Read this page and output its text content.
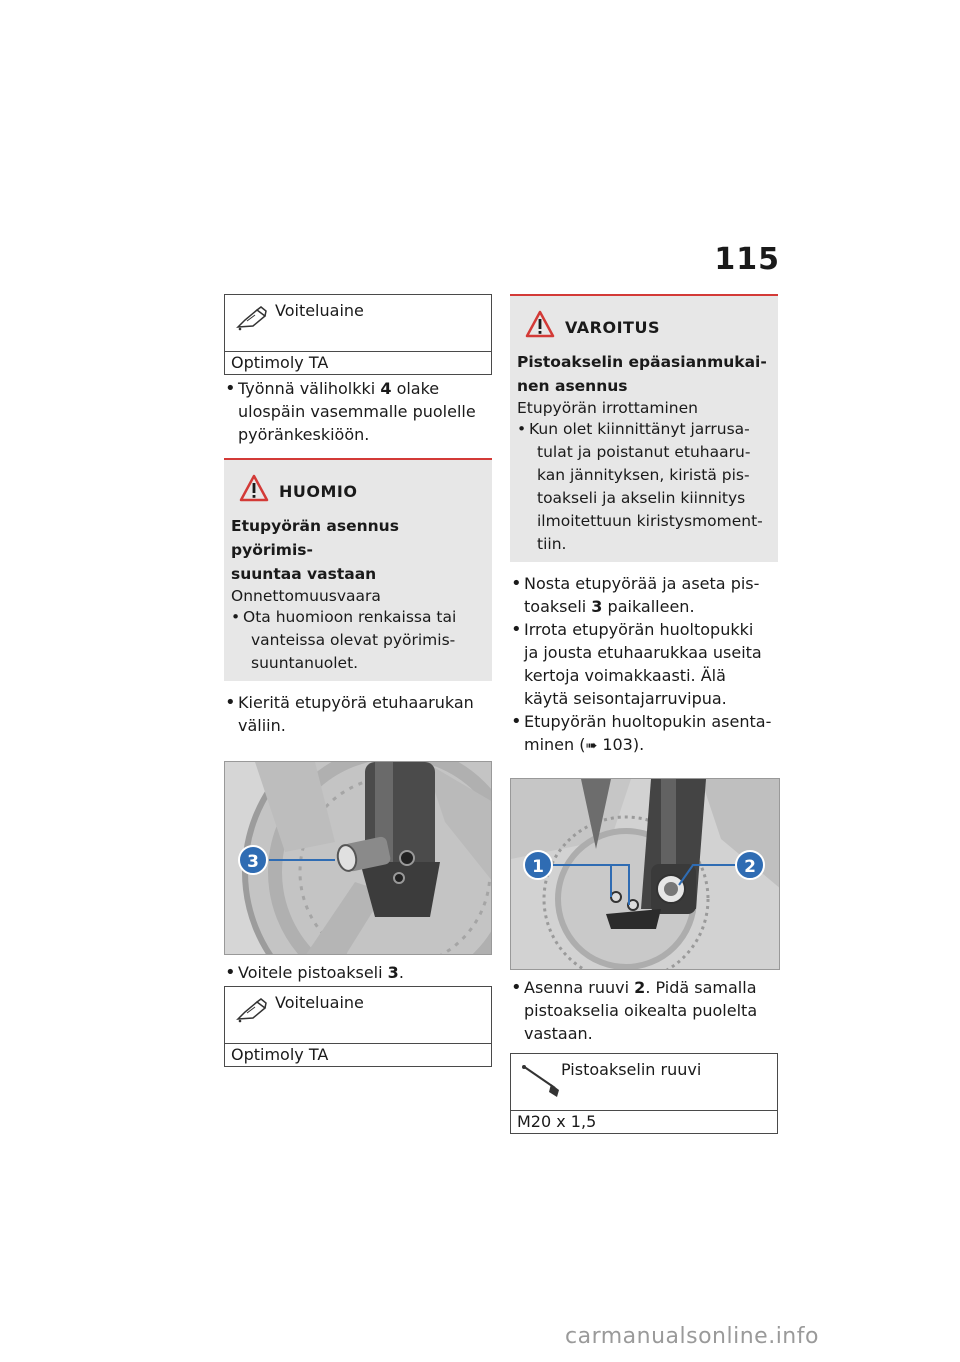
115
Voiteluaine
Optimoly TA
• Työnnä väliholkki 4 olake
ulospäin vasemmalle puolelle
pyöränkeskiöön.
HUOMIO
Etupyörän asennus pyörimis-
suuntaa vastaan
Onnettomuusvaara
• Ota huomioon renkaissa tai
vanteissa olevat pyörimis-
suuntanuolet.
• Kieritä etupyörä etuhaarukan
väliin.
3
• Voitele pistoakseli 3.
Voiteluaine
Optimoly TA
VAROITUS
Pistoakselin epäasianmukai-
nen asennus
Etupyörän irrottaminen
• Kun olet kiinnittänyt jarrusa-
tulat ja poistanut etuhaaru-
kan jännityksen, kiristä pis-
toakseli ja akselin kiinnitys
ilmoitettuun kiristysmoment-
tiin.
• Nosta etupyörää ja aseta pis-
toakseli 3 paikalleen.
• Irrota etupyörän huoltopukki
ja jousta etuhaarukkaa useita
kertoja voimakkaasti. Älä
käytä seisontajarruvipua.
• Etupyörän huoltopukin asenta-
minen (➠ 103).
1	2
• Asenna ruuvi 2. Pidä samalla
pistoakselia oikealta puolelta
vastaan.
Pistoakselin ruuvi
M20 x 1,5
carmanualsonline.info
